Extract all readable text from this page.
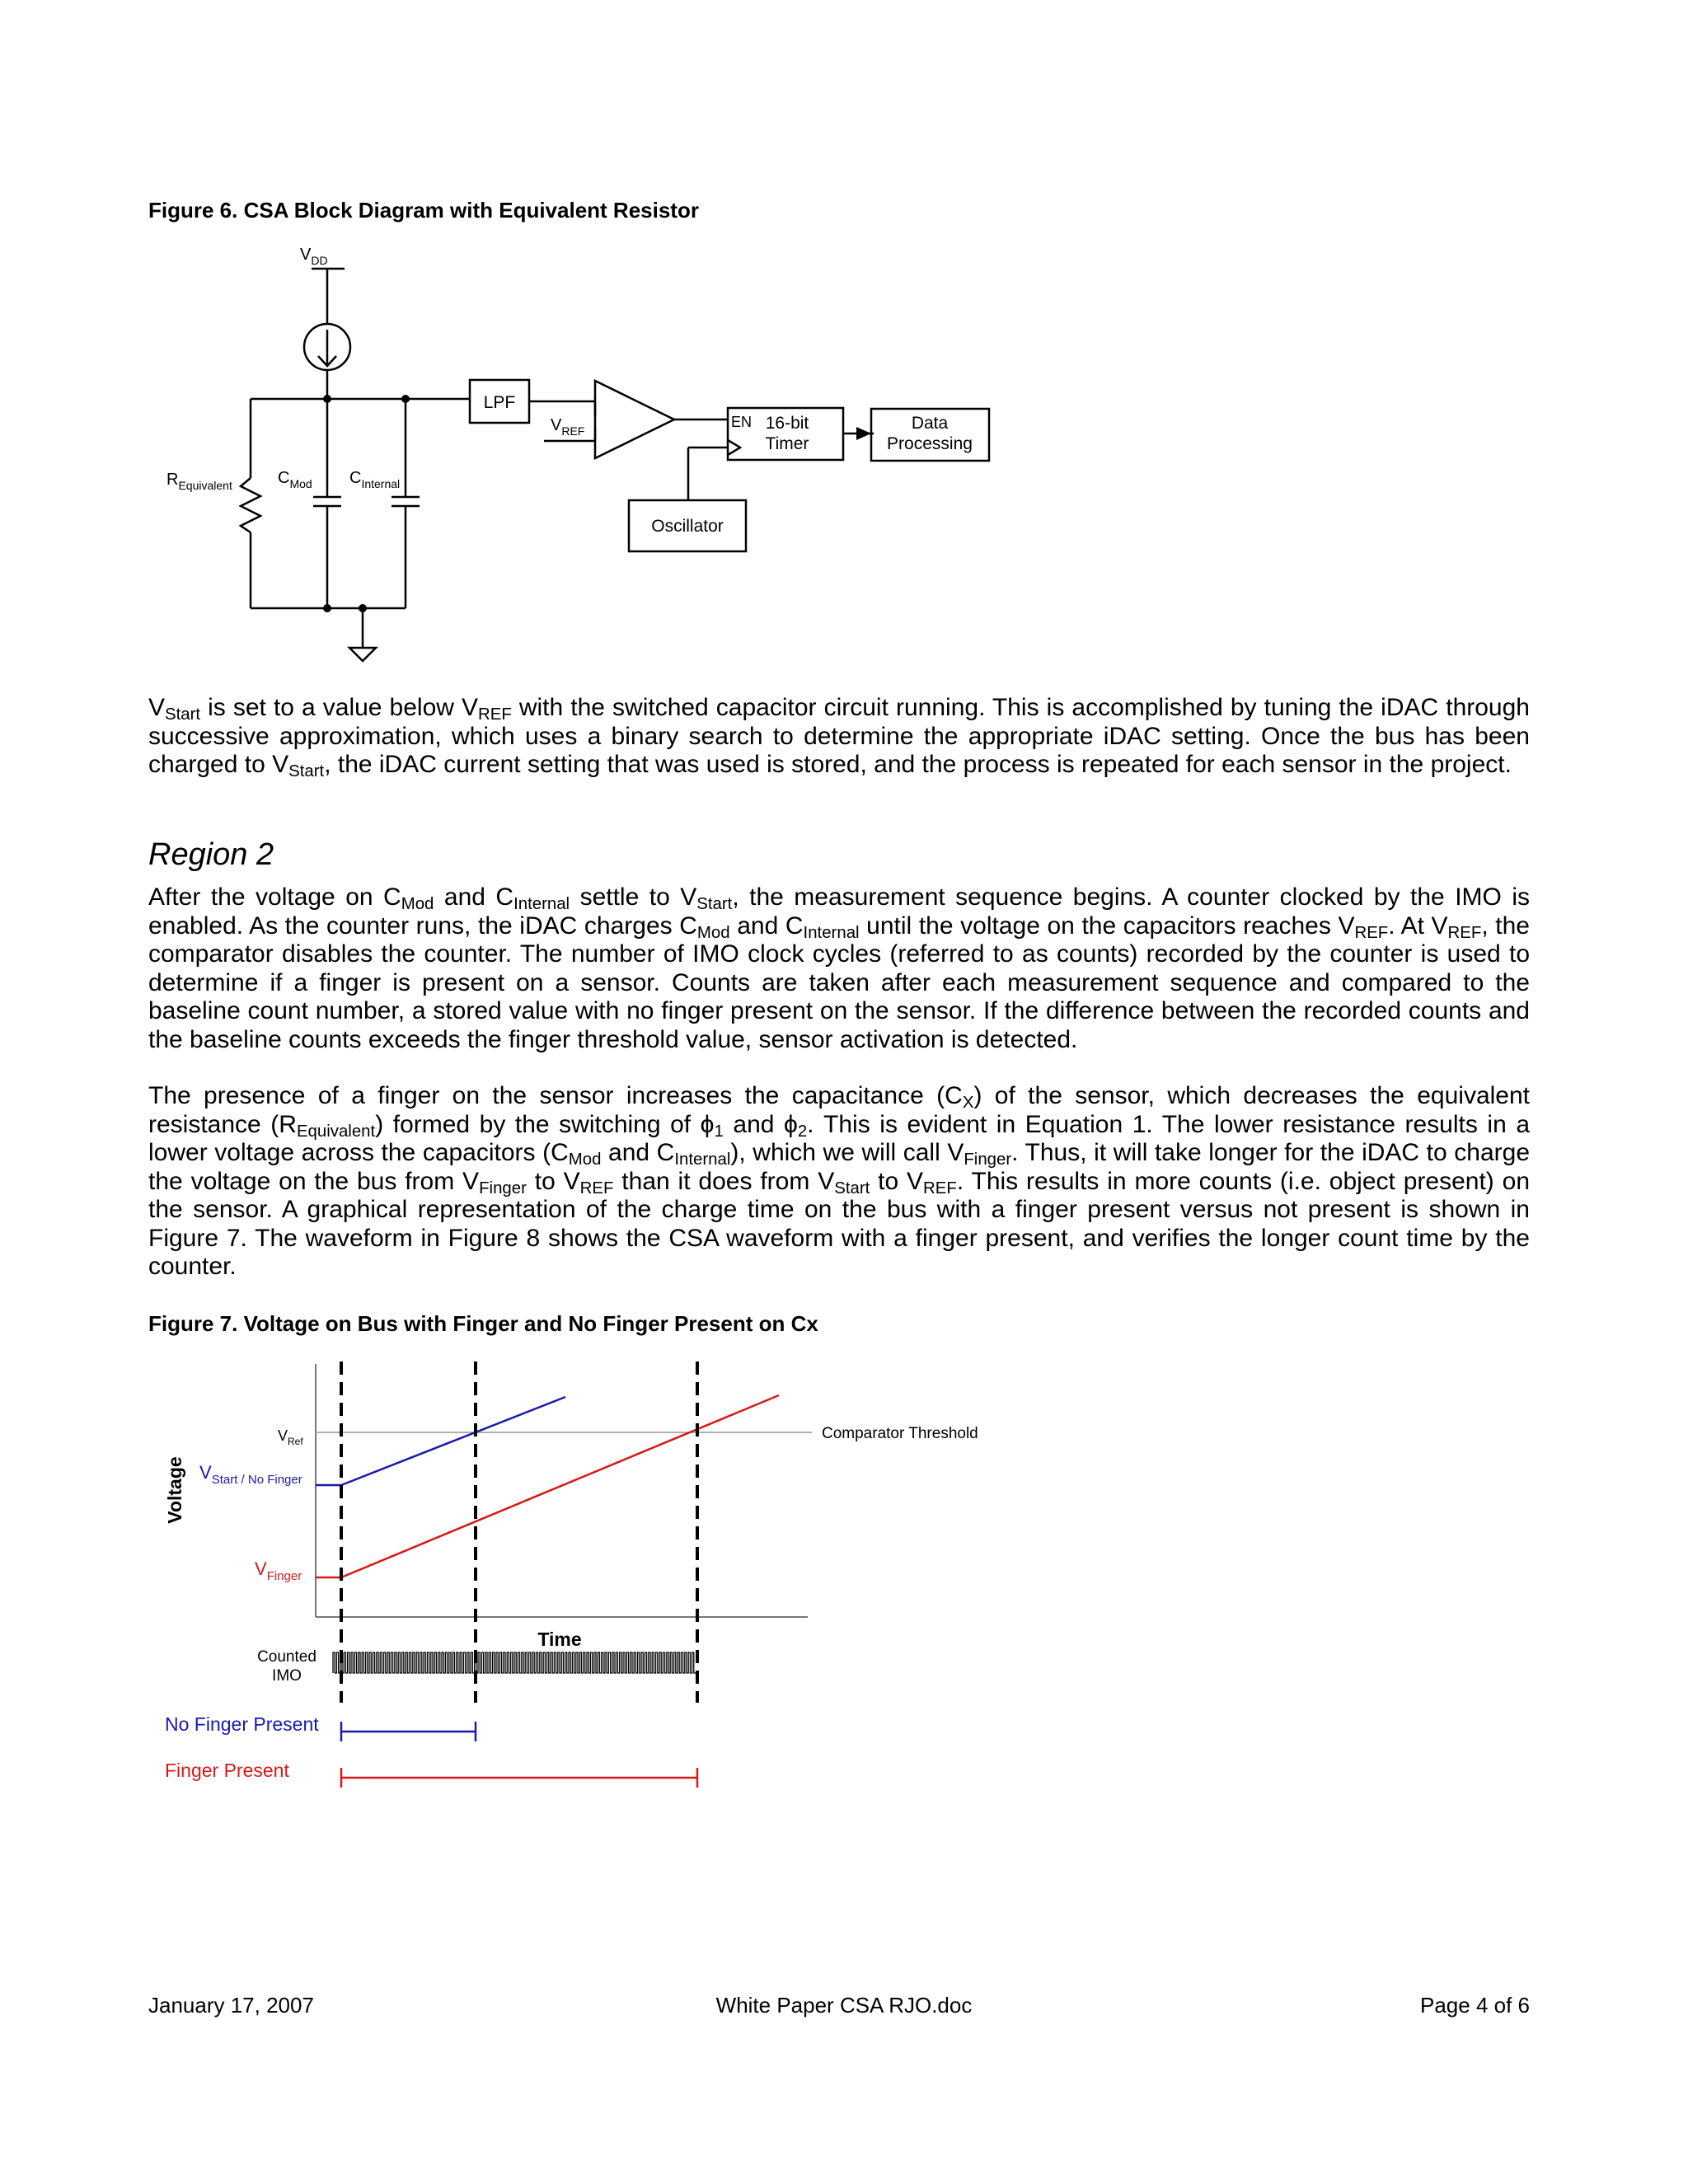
Figure 6. CSA Block Diagram with Equivalent Resistor
$V_{DD}$
$R_{Equivalent}$	$C_{Mod}$ $C_{Internal}$
LPF
$V_{REF}$
EN 16-bit
Timer
Data
Processing
Oscillator

$V_{Start}$ is set to a value below $V_{REF}$ with the switched capacitor circuit running. This is accomplished by tuning the iDAC through successive approximation, which uses a binary search to determine the appropriate iDAC setting. Once the bus has been charged to $V_{Start}$, the iDAC current setting that was used is stored, and the process is repeated for each sensor in the project.

Region 2

After the voltage on $C_{Mod}$ and $C_{Internal}$ settle to $V_{Start}$, the measurement sequence begins. A counter clocked by the IMO is enabled. As the counter runs, the iDAC charges $C_{Mod}$ and $C_{Internal}$ until the voltage on the capacitors reaches $V_{REF}$. At $V_{REF}$, the comparator disables the counter. The number of IMO clock cycles (referred to as counts) recorded by the counter is used to determine if a finger is present on a sensor. Counts are taken after each measurement sequence and compared to the baseline count number, a stored value with no finger present on the sensor. If the difference between the recorded counts and the baseline counts exceeds the finger threshold value, sensor activation is detected.

The presence of a finger on the sensor increases the capacitance $(C_X)$ of the sensor, which decreases the equivalent resistance $(R_{Equivalent})$ formed by the switching of $\phi_1$ and $\phi_2$. This is evident in Equation 1. The lower resistance results in a lower voltage across the capacitors ($C_{Mod}$ and $C_{Internal}$), which we will call $V_{Finger}$. Thus, it will take longer for the iDAC to charge the voltage on the bus from $V_{Finger}$ to $V_{REF}$ than it does from $V_{Start}$ to $V_{REF}$. This results in more counts (i.e. object present) on the sensor. A graphical representation of the charge time on the bus with a finger present versus not present is shown in Figure 7. The waveform in Figure 8 shows the CSA waveform with a finger present, and verifies the longer count time by the counter.

Figure 7. Voltage on Bus with Finger and No Finger Present on Cx
Voltage
Time
$V_{Ref}$
$V_{Start / No Finger}$
$V_{Finger}$
Comparator Threshold
Counted
IMO
No Finger Present
Finger Present
January 17, 2007	White Paper CSA RJO.doc	Page 4 of 6
